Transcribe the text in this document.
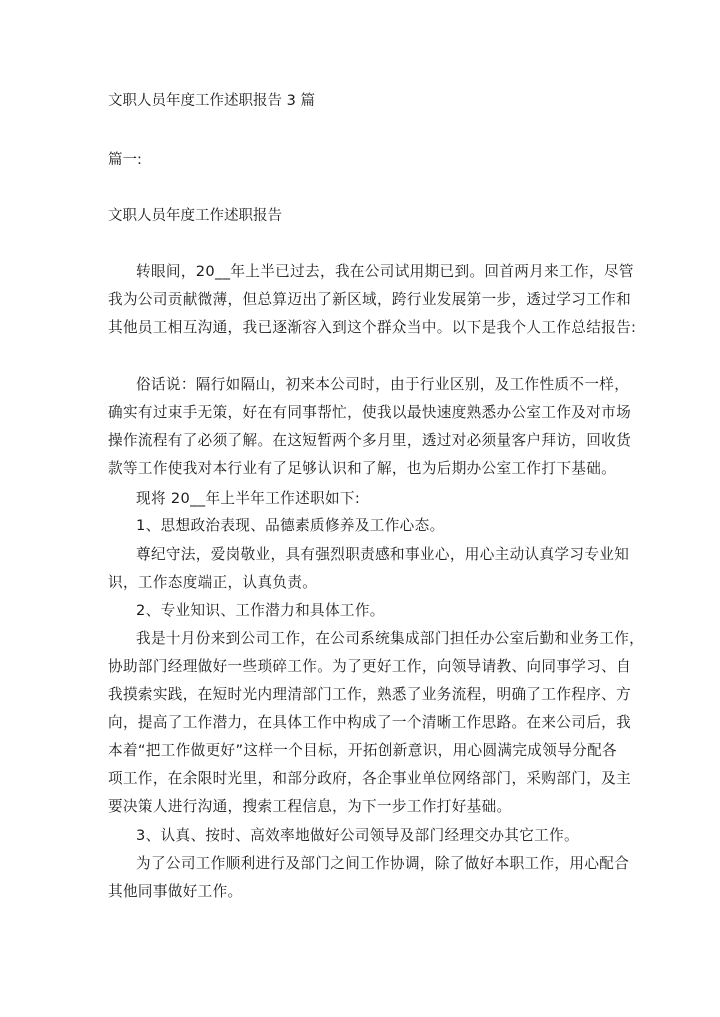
文职人员年度工作述职报告 3 篇
篇一:
文职人员年度工作述职报告
转眼间，20__年上半已过去，我在公司试用期已到。回首两月来工作，尽管
我为公司贡献微薄，但总算迈出了新区域，跨行业发展第一步，透过学习工作和
其他员工相互沟通，我已逐渐容入到这个群众当中。以下是我个人工作总结报告:
俗话说：隔行如隔山，初来本公司时，由于行业区别，及工作性质不一样，
确实有过束手无策，好在有同事帮忙，使我以最快速度熟悉办公室工作及对市场
操作流程有了必须了解。在这短暂两个多月里，透过对必须量客户拜访，回收货
款等工作使我对本行业有了足够认识和了解，也为后期办公室工作打下基础。
现将 20__年上半年工作述职如下:
1、思想政治表现、品德素质修养及工作心态。
尊纪守法，爱岗敬业，具有强烈职责感和事业心，用心主动认真学习专业知
识，工作态度端正，认真负责。
2、专业知识、工作潜力和具体工作。
我是十月份来到公司工作，在公司系统集成部门担任办公室后勤和业务工作，
协助部门经理做好一些琐碎工作。为了更好工作，向领导请教、向同事学习、自
我摸索实践，在短时光内理清部门工作，熟悉了业务流程，明确了工作程序、方
向，提高了工作潜力，在具体工作中构成了一个清晰工作思路。在来公司后，我
本着“把工作做更好”这样一个目标，开拓创新意识，用心圆满完成领导分配各
项工作，在余限时光里，和部分政府，各企事业单位网络部门，采购部门，及主
要决策人进行沟通，搜索工程信息，为下一步工作打好基础。
3、认真、按时、高效率地做好公司领导及部门经理交办其它工作。
为了公司工作顺利进行及部门之间工作协调，除了做好本职工作，用心配合
其他同事做好工作。
